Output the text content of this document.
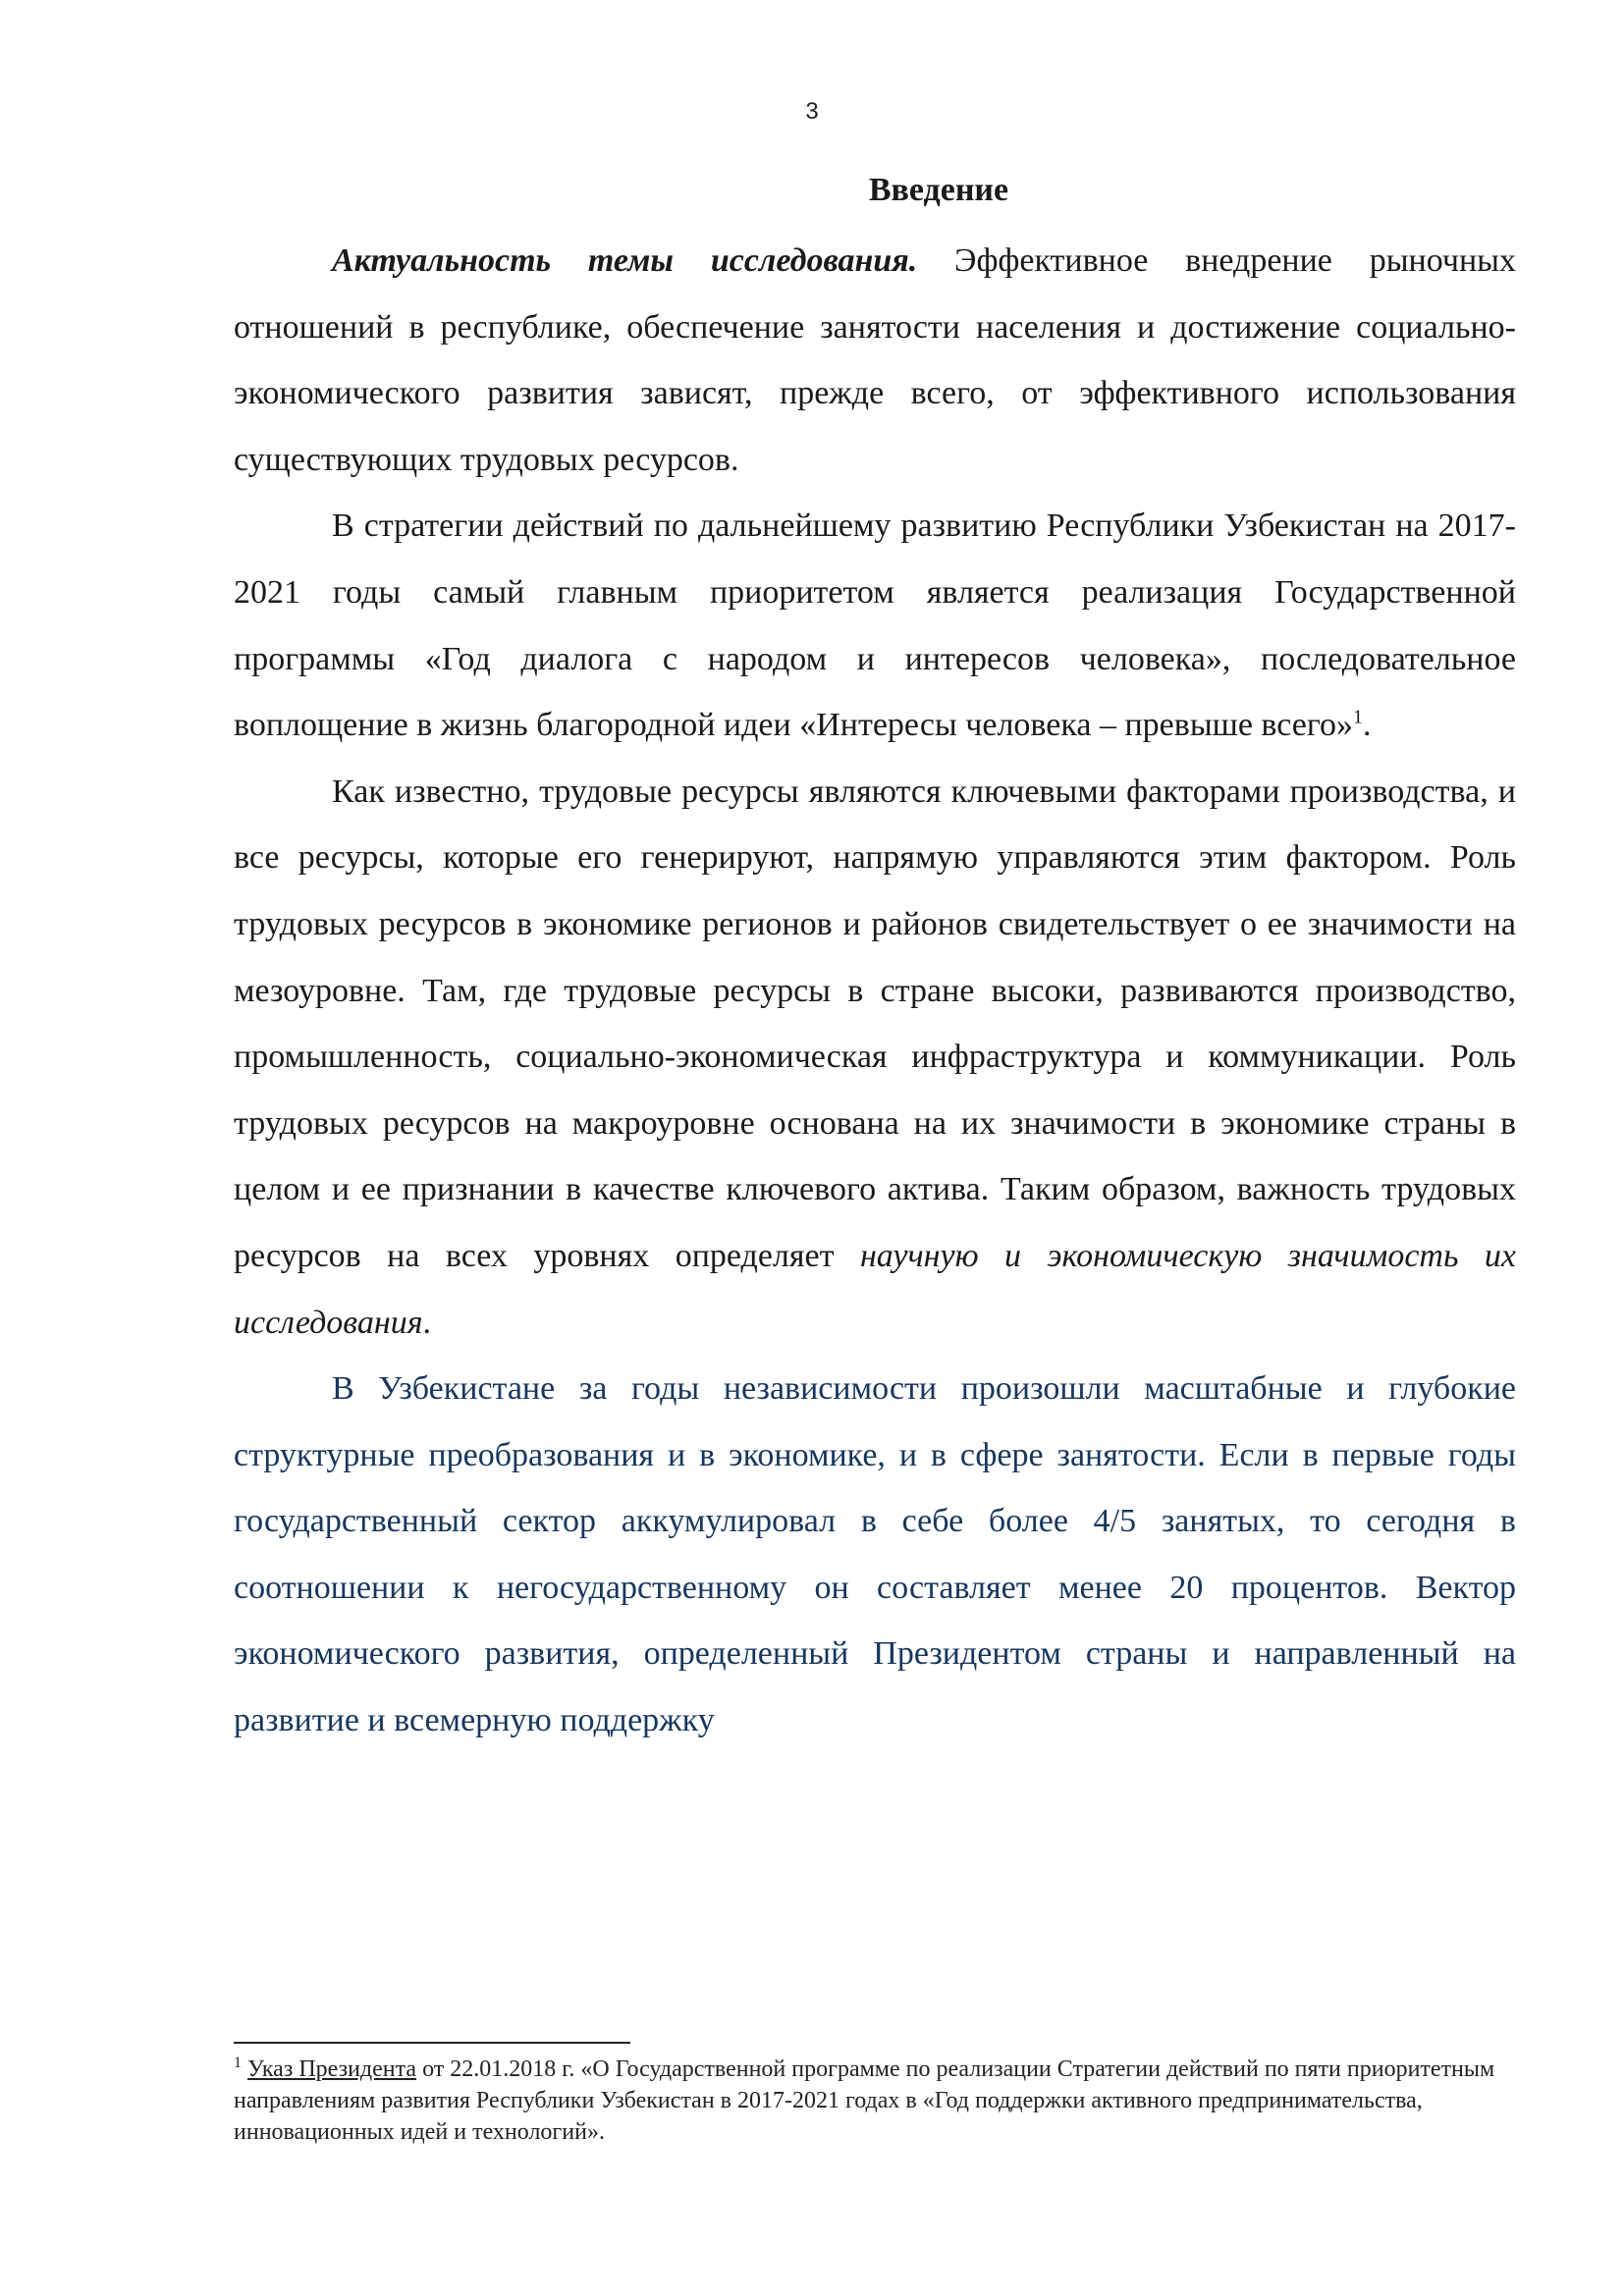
3
Введение

Актуальность темы исследования. Эффективное внедрение рыночных отношений в республике, обеспечение занятости населения и достижение социально-экономического развития зависят, прежде всего, от эффективного использования существующих трудовых ресурсов.

В стратегии действий по дальнейшему развитию Республики Узбекистан на 2017-2021 годы самый главным приоритетом является реализация Государственной программы «Год диалога с народом и интересов человека», последовательное воплощение в жизнь благородной идеи «Интересы человека – превыше всего»$^1$.

Как известно, трудовые ресурсы являются ключевыми факторами производства, и все ресурсы, которые его генерируют, напрямую управляются этим фактором. Роль трудовых ресурсов в экономике регионов и районов свидетельствует о ее значимости на мезоуровне. Там, где трудовые ресурсы в стране высоки, развиваются производство, промышленность, социально-экономическая инфраструктура и коммуникации. Роль трудовых ресурсов на макроуровне основана на их значимости в экономике страны в целом и ее признании в качестве ключевого актива. Таким образом, важность трудовых ресурсов на всех уровнях определяет научную и экономическую значимость их исследования.

В Узбекистане за годы независимости произошли масштабные и глубокие структурные преобразования и в экономике, и в сфере занятости. Если в первые годы государственный сектор аккумулировал в себе более 4/5 занятых, то сегодня в соотношении к негосударственному он составляет менее 20 процентов. Вектор экономического развития, определенный Президентом страны и направленный на развитие и всемерную поддержку

$^1$ Указ Президента от 22.01.2018 г. «О Государственной программе по реализации Стратегии действий по пяти приоритетным направлениям развития Республики Узбекистан в 2017-2021 годах в «Год поддержки активного предпринимательства, инновационных идей и технологий».
